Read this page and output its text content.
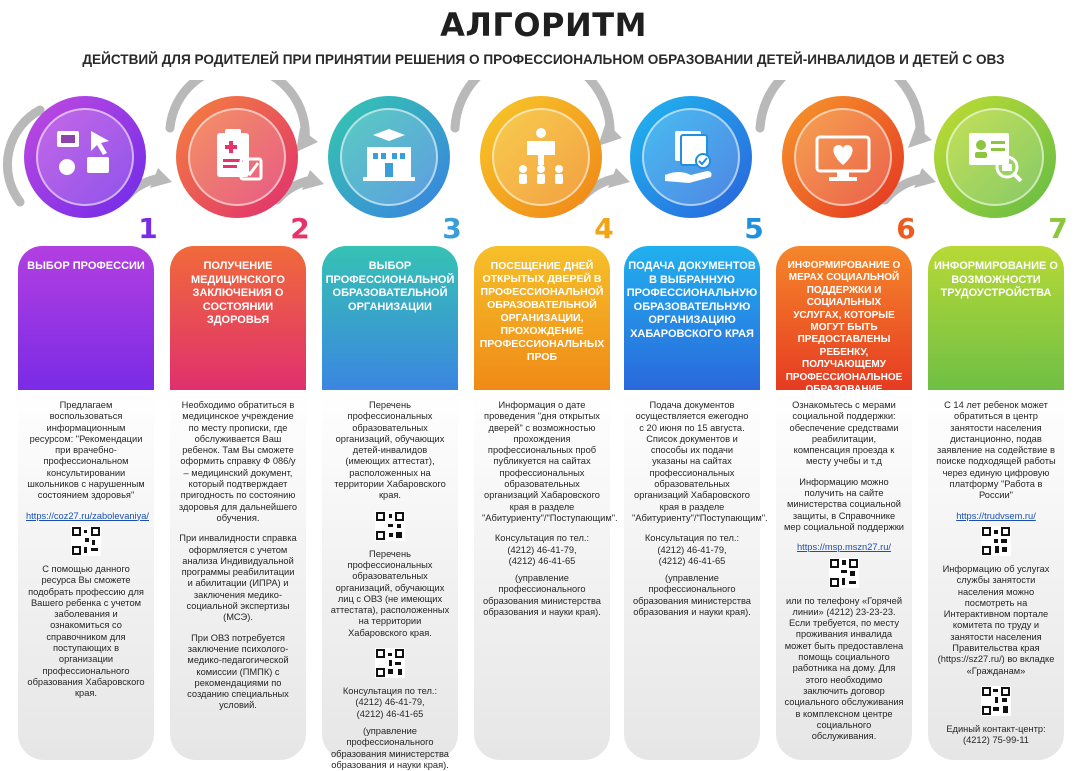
АЛГОРИТМ
ДЕЙСТВИЙ ДЛЯ РОДИТЕЛЕЙ ПРИ ПРИНЯТИИ РЕШЕНИЯ О ПРОФЕССИОНАЛЬНОМ ОБРАЗОВАНИИ ДЕТЕЙ-ИНВАЛИДОВ И ДЕТЕЙ С ОВЗ
1
ВЫБОР ПРОФЕССИИ

Предлагаем воспользоваться информационным ресурсом: "Рекомендации при врачебно-профессиональном консультировании школьников с нарушенным состоянием здоровья"

https://coz27.ru/zabolevaniya/

С помощью данного ресурса Вы сможете подобрать профессию для Вашего ребенка с учетом заболевания и ознакомиться со справочником для поступающих в организации профессионального образования Хабаровского края.

2
ПОЛУЧЕНИЕ МЕДИЦИНСКОГО ЗАКЛЮЧЕНИЯ О СОСТОЯНИИ ЗДОРОВЬЯ

Необходимо обратиться в медицинское учреждение по месту прописки, где обслуживается Ваш ребенок. Там Вы сможете оформить справку Ф 086/у – медицинский документ, который подтверждает пригодность по состоянию здоровья для дальнейшего обучения.

При инвалидности справка оформляется с учетом анализа Индивидуальной программы реабилитации и абилитации (ИПРА) и заключения медико-социальной экспертизы (МСЭ).

При ОВЗ потребуется заключение психолого-медико-педагогической комиссии (ПМПК) с рекомендациями по созданию специальных условий.

3
ВЫБОР ПРОФЕССИОНАЛЬНОЙ ОБРАЗОВАТЕЛЬНОЙ ОРГАНИЗАЦИИ

Перечень профессиональных образовательных организаций, обучающих детей-инвалидов (имеющих аттестат), расположенных на территории Хабаровского края.

Перечень профессиональных образовательных организаций, обучающих лиц с ОВЗ (не имеющих аттестата), расположенных на территории Хабаровского края.

Консультация по тел.:
(4212) 46-41-79,
(4212) 46-41-65
(управление профессионального образования министерства образования и науки края).
4
ПОСЕЩЕНИЕ ДНЕЙ ОТКРЫТЫХ ДВЕРЕЙ В ПРОФЕССИОНАЛЬНОЙ ОБРАЗОВАТЕЛЬНОЙ ОРГАНИЗАЦИИ, ПРОХОЖДЕНИЕ ПРОФЕССИОНАЛЬНЫХ ПРОБ

Информация о дате проведения "дня открытых дверей" с возможностью прохождения профессиональных проб публикуется на сайтах профессиональных образовательных организаций Хабаровского края в разделе "Абитуриенту"/"Поступающим".

Консультация по тел.:
(4212) 46-41-79,
(4212) 46-41-65
(управление профессионального образования министерства образования и науки края).
5
ПОДАЧА ДОКУМЕНТОВ В ВЫБРАННУЮ ПРОФЕССИОНАЛЬНУЮ ОБРАЗОВАТЕЛЬНУЮ ОРГАНИЗАЦИЮ ХАБАРОВСКОГО КРАЯ

Подача документов осуществляется ежегодно с 20 июня по 15 августа. Список документов и способы их подачи указаны на сайтах профессиональных образовательных организаций Хабаровского края в разделе "Абитуриенту"/"Поступающим".

Консультация по тел.:
(4212) 46-41-79,
(4212) 46-41-65
(управление профессионального образования министерства образования и науки края).
6
ИНФОРМИРОВАНИЕ О МЕРАХ СОЦИАЛЬНОЙ ПОДДЕРЖКИ И СОЦИАЛЬНЫХ УСЛУГАХ, КОТОРЫЕ МОГУТ БЫТЬ ПРЕДОСТАВЛЕНЫ РЕБЕНКУ, ПОЛУЧАЮЩЕМУ ПРОФЕССИОНАЛЬНОЕ

Ознакомьтесь с мерами социальной поддержки: обеспечение средствами реабилитации, компенсация проезда к месту учебы и т.д

Информацию можно получить на сайте министерства социальной защиты, в Справочнике мер социальной поддержки

https://msp.mszn27.ru/

или по телефону «Горячей линии» (4212) 23-23-23. Если требуется, по месту проживания инвалида может быть предоставлена помощь социального работника на дому. Для этого необходимо заключить договор социального обслуживания в комплексном центре социального обслуживания.

7
ИНФОРМИРОВАНИЕ О ВОЗМОЖНОСТИ ТРУДОУСТРОЙСТВА

С 14 лет ребенок может обратиться в центр занятости населения дистанционно, подав заявление на содействие в поиске подходящей работы через единую цифровую платформу "Работа в России"

https://trudvsem.ru/

Информацию об услугах службы занятости населения можно посмотреть на Интерактивном портале комитета по труду и занятости населения Правительства края (https://sz27.ru/) во вкладке «Гражданам»

Единый контакт-центр:
(4212) 75-99-11
